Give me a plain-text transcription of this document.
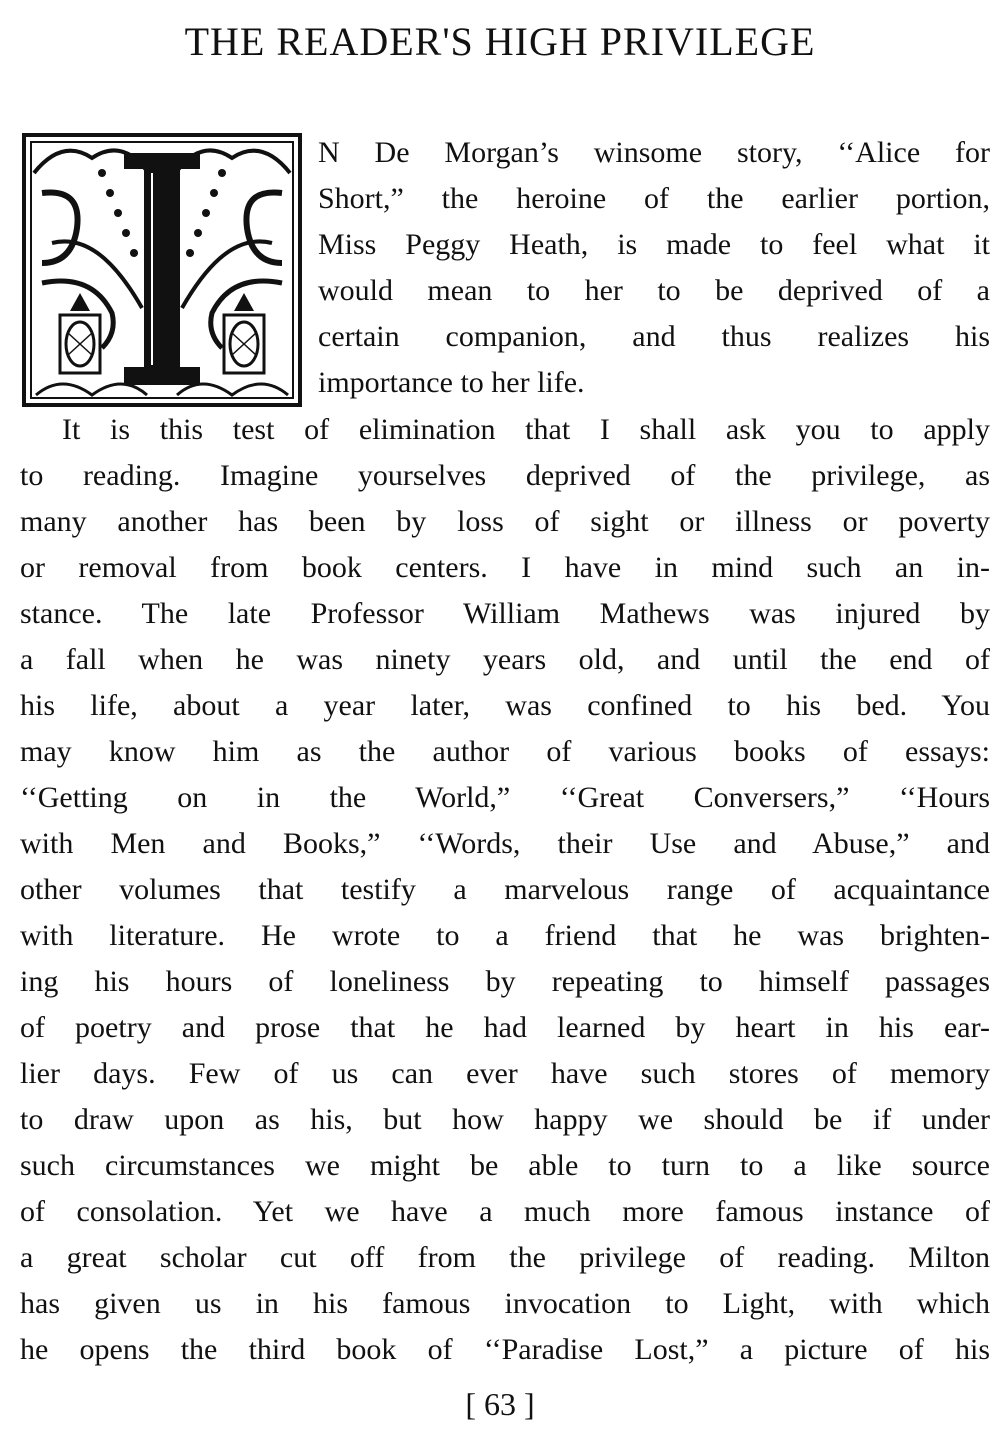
THE READER'S HIGH PRIVILEGE
N De Morgan’s winsome story, ‘‘Alice for
Short,” the heroine of the earlier portion,
Miss Peggy Heath, is made to feel what it
would mean to her to be deprived of a
certain companion, and thus realizes his
importance to her life.
It is this test of elimination that I shall ask you to apply
to reading. Imagine yourselves deprived of the privilege, as
many another has been by loss of sight or illness or poverty
or removal from book centers. I have in mind such an in-
stance. The late Professor William Mathews was injured by
a fall when he was ninety years old, and until the end of
his life, about a year later, was confined to his bed. You
may know him as the author of various books of essays:
‘‘Getting on in the World,” ‘‘Great Conversers,” ‘‘Hours
with Men and Books,” ‘‘Words, their Use and Abuse,” and
other volumes that testify a marvelous range of acquaintance
with literature. He wrote to a friend that he was brighten-
ing his hours of loneliness by repeating to himself passages
of poetry and prose that he had learned by heart in his ear-
lier days. Few of us can ever have such stores of memory
to draw upon as his, but how happy we should be if under
such circumstances we might be able to turn to a like source
of consolation. Yet we have a much more famous instance of
a great scholar cut off from the privilege of reading. Milton
has given us in his famous invocation to Light, with which
he opens the third book of ‘‘Paradise Lost,” a picture of his

[ 63 ]
